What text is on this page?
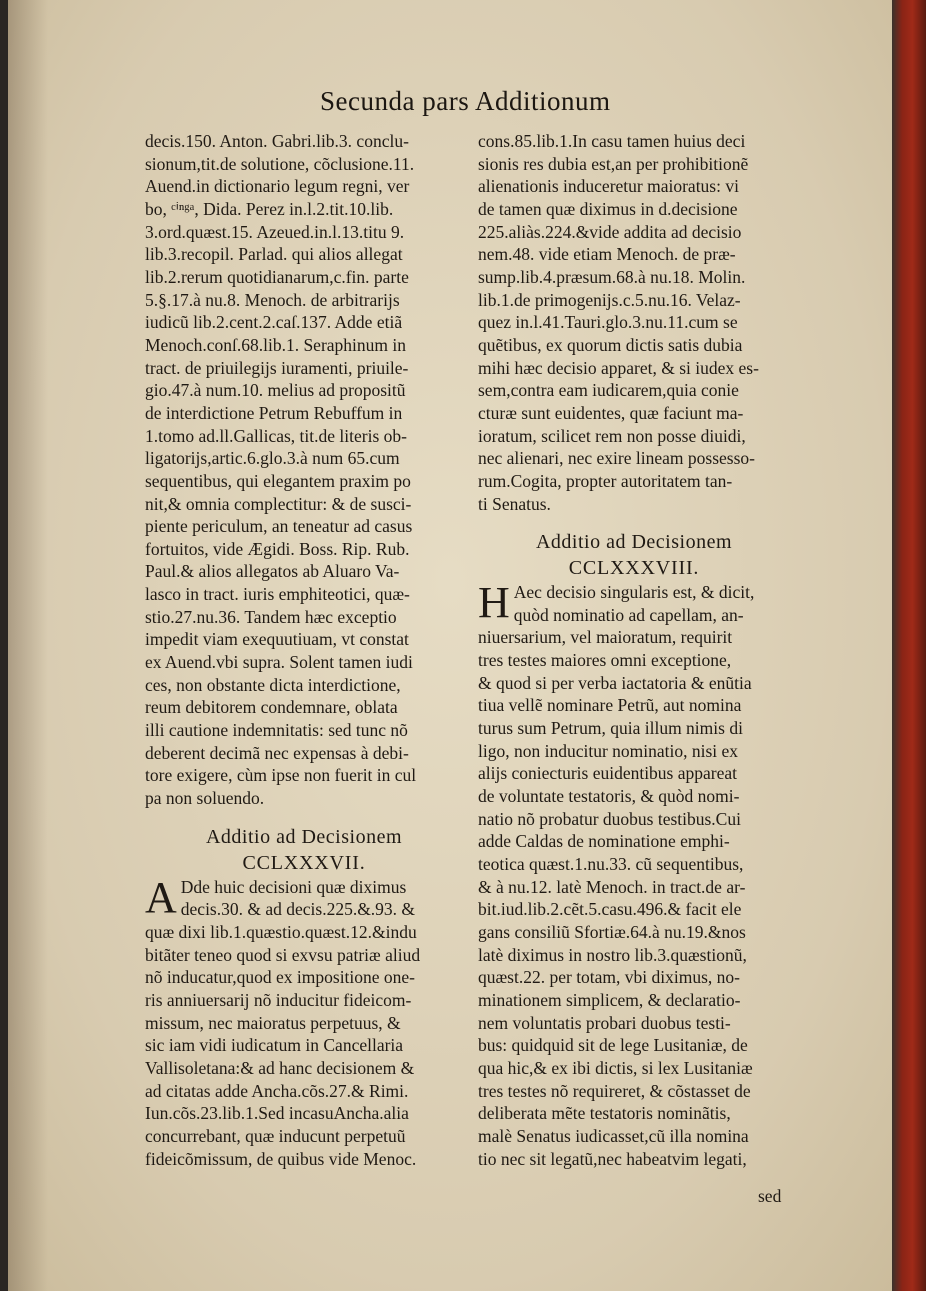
Secunda pars Additionum
decis.150. Anton. Gabri.lib.3. conclu-
sionum,tit.de solutione, cõclusione.11.
Auend.in dictionario legum regni, ver
bo, ᶜⁱⁿᵍᵃ, Dida. Perez in.l.2.tit.10.lib.
3.ord.quæst.15. Azeued.in.l.13.titu 9.
lib.3.recopil. Parlad. qui alios allegat
lib.2.rerum quotidianarum,c.fin. parte
5.§.17.à nu.8. Menoch. de arbitrarijs
iudicũ lib.2.cent.2.caſ.137. Adde etiã
Menoch.conſ.68.lib.1. Seraphinum in
tract. de priuilegijs iuramenti, priuile-
gio.47.à num.10. melius ad propositũ
de interdictione Petrum Rebuffum in
1.tomo ad.ll.Gallicas, tit.de literis ob-
ligatorijs,artic.6.glo.3.à num 65.cum
sequentibus, qui elegantem praxim po
nit,& omnia complectitur: & de susci-
piente periculum, an teneatur ad casus
fortuitos, vide Ægidi. Boss. Rip. Rub.
Paul.& alios allegatos ab Aluaro Va-
lasco in tract. iuris emphiteotici, quæ-
stio.27.nu.36. Tandem hæc exceptio
impedit viam exequutiuam, vt constat
ex Auend.vbi supra. Solent tamen iudi
ces, non obstante dicta interdictione,
reum debitorem condemnare, oblata
illi cautione indemnitatis: sed tunc nõ
deberent decimã nec expensas à debi-
tore exigere, cùm ipse non fuerit in cul
pa non soluendo.
Additio ad Decisionem
CCLXXXVII.
A Dde huic decisioni quæ diximus
decis.30. & ad decis.225.&.93. &
quæ dixi lib.1.quæstio.quæst.12.&indu
bitãter teneo quod si exvsu patriæ aliud
nõ inducatur,quod ex impositione one-
ris anniuersarij nõ inducitur fideicom-
missum, nec maioratus perpetuus, &
sic iam vidi iudicatum in Cancellaria
Vallisoletana:& ad hanc decisionem &
ad citatas adde Ancha.cõs.27.& Rimi.
Iun.cõs.23.lib.1.Sed incasuAncha.alia
concurrebant, quæ inducunt perpetuũ
fideicõmissum, de quibus vide Menoc.
cons.85.lib.1.In casu tamen huius deci
sionis res dubia est,an per prohibitionẽ
alienationis induceretur maioratus: vi
de tamen quæ diximus in d.decisione
225.aliàs.224.&vide addita ad decisio
nem.48. vide etiam Menoch. de præ-
sump.lib.4.præsum.68.à nu.18. Molin.
lib.1.de primogenijs.c.5.nu.16. Velaz-
quez in.l.41.Tauri.glo.3.nu.11.cum se
quẽtibus, ex quorum dictis satis dubia
mihi hæc decisio apparet, & si iudex es-
sem,contra eam iudicarem,quia conie
cturæ sunt euidentes, quæ faciunt ma-
ioratum, scilicet rem non posse diuidi,
nec alienari, nec exire lineam possesso-
rum.Cogita, propter autoritatem tan-
ti Senatus.
Additio ad Decisionem
CCLXXXVIII.
H Aec decisio singularis est, & dicit,
quòd nominatio ad capellam, an-
niuersarium, vel maioratum, requirit
tres testes maiores omni exceptione,
& quod si per verba iactatoria & enũtia
tiua vellẽ nominare Petrũ, aut nomina
turus sum Petrum, quia illum nimis di
ligo, non inducitur nominatio, nisi ex
alijs coniecturis euidentibus appareat
de voluntate testatoris, & quòd nomi-
natio nõ probatur duobus testibus.Cui
adde Caldas de nominatione emphi-
teotica quæst.1.nu.33. cũ sequentibus,
& à nu.12. latè Menoch. in tract.de ar-
bit.iud.lib.2.cẽt.5.casu.496.& facit ele
gans consiliũ Sfortiæ.64.à nu.19.&nos
latè diximus in nostro lib.3.quæstionũ,
quæst.22. per totam, vbi diximus, no-
minationem simplicem, & declaratio-
nem voluntatis probari duobus testi-
bus: quidquid sit de lege Lusitaniæ, de
qua hic,& ex ibi dictis, si lex Lusitaniæ
tres testes nõ requireret, & cõstasset de
deliberata mẽte testatoris nominãtis,
malè Senatus iudicasset,cũ illa nomina
tio nec sit legatũ,nec habeatvim legati,
sed
